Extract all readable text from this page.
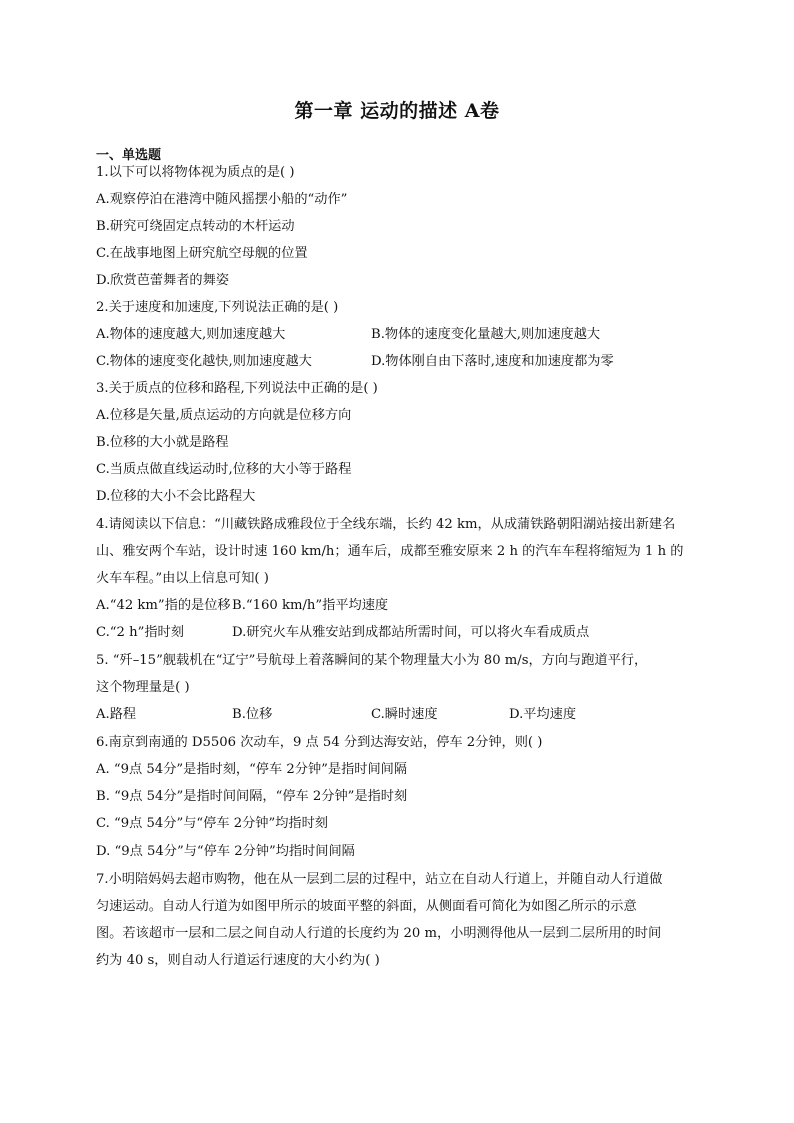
第一章 运动的描述 A卷
一、单选题
1.以下可以将物体视为质点的是( )
A.观察停泊在港湾中随风摇摆小船的“动作”
B.研究可绕固定点转动的木杆运动
C.在战事地图上研究航空母舰的位置
D.欣赏芭蕾舞者的舞姿
2.关于速度和加速度,下列说法正确的是( )
A.物体的速度越大,则加速度越大	B.物体的速度变化量越大,则加速度越大
C.物体的速度变化越快,则加速度越大	D.物体刚自由下落时,速度和加速度都为零
3.关于质点的位移和路程,下列说法中正确的是( )
A.位移是矢量,质点运动的方向就是位移方向
B.位移的大小就是路程
C.当质点做直线运动时,位移的大小等于路程
D.位移的大小不会比路程大
4.请阅读以下信息：“川藏铁路成雅段位于全线东端，长约 42 km，从成蒲铁路朝阳湖站接出新建名
山、雅安两个车站，设计时速 160 km/h；通车后，成都至雅安原来 2 h 的汽车车程将缩短为 1 h 的
火车车程。”由以上信息可知( )
A.“42 km”指的是位移 B.“160 km/h”指平均速度
C.“2 h”指时刻	D.研究火车从雅安站到成都站所需时间，可以将火车看成质点
5. “歼–15”舰载机在“辽宁”号航母上着落瞬间的某个物理量大小为 80 m/s，方向与跑道平行，
这个物理量是( )
A.路程	B.位移	C.瞬时速度	D.平均速度
6.南京到南通的 D5506 次动车，9 点 54 分到达海安站，停车 2分钟，则( )
A. “9点 54分”是指时刻，“停车 2分钟”是指时间间隔
B. “9点 54分”是指时间间隔，“停车 2分钟”是指时刻
C. “9点 54分”与“停车 2分钟”均指时刻
D. “9点 54分”与“停车 2分钟”均指时间间隔
7.小明陪妈妈去超市购物，他在从一层到二层的过程中，站立在自动人行道上，并随自动人行道做
匀速运动。自动人行道为如图甲所示的坡面平整的斜面，从侧面看可简化为如图乙所示的示意
图。若该超市一层和二层之间自动人行道的长度约为 20 m，小明测得他从一层到二层所用的时间
约为 40 s，则自动人行道运行速度的大小约为( )
